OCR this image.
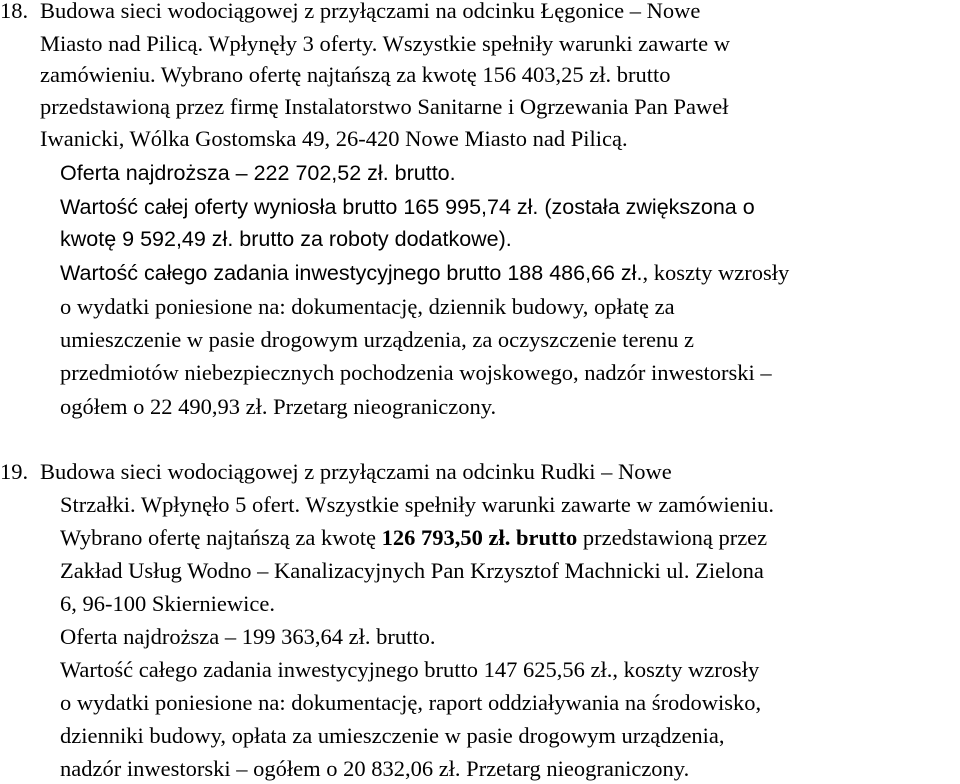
18. Budowa sieci wodociągowej z przyłączami na odcinku Łęgonice – Nowe
Miasto nad Pilicą. Wpłynęły 3 oferty. Wszystkie spełniły warunki zawarte w
zamówieniu. Wybrano ofertę najtańszą za kwotę 156 403,25 zł. brutto
przedstawioną przez firmę Instalatorstwo Sanitarne i Ogrzewania Pan Paweł
Iwanicki, Wólka Gostomska 49, 26-420 Nowe Miasto nad Pilicą.
Oferta najdroższa – 222 702,52 zł. brutto.
Wartość całej oferty wyniosła brutto 165 995,74 zł. (została zwiększona o
kwotę 9 592,49 zł. brutto za roboty dodatkowe).
Wartość całego zadania inwestycyjnego brutto 188 486,66 zł., koszty wzrosły
o wydatki poniesione na: dokumentację, dziennik budowy, opłatę za
umieszczenie w pasie drogowym urządzenia, za oczyszczenie terenu z
przedmiotów niebezpiecznych pochodzenia wojskowego, nadzór inwestorski –
ogółem o 22 490,93 zł. Przetarg nieograniczony.
19. Budowa sieci wodociągowej z przyłączami na odcinku Rudki – Nowe
Strzałki. Wpłynęło 5 ofert. Wszystkie spełniły warunki zawarte w zamówieniu.
Wybrano ofertę najtańszą za kwotę 126 793,50 zł. brutto przedstawioną przez
Zakład Usług Wodno – Kanalizacyjnych Pan Krzysztof Machnicki ul. Zielona
6, 96-100 Skierniewice.
Oferta najdroższa – 199 363,64 zł. brutto.
Wartość całego zadania inwestycyjnego brutto 147 625,56 zł., koszty wzrosły
o wydatki poniesione na: dokumentację, raport oddziaływania na środowisko,
dzienniki budowy, opłata za umieszczenie w pasie drogowym urządzenia,
nadzór inwestorski – ogółem o 20 832,06 zł. Przetarg nieograniczony.
